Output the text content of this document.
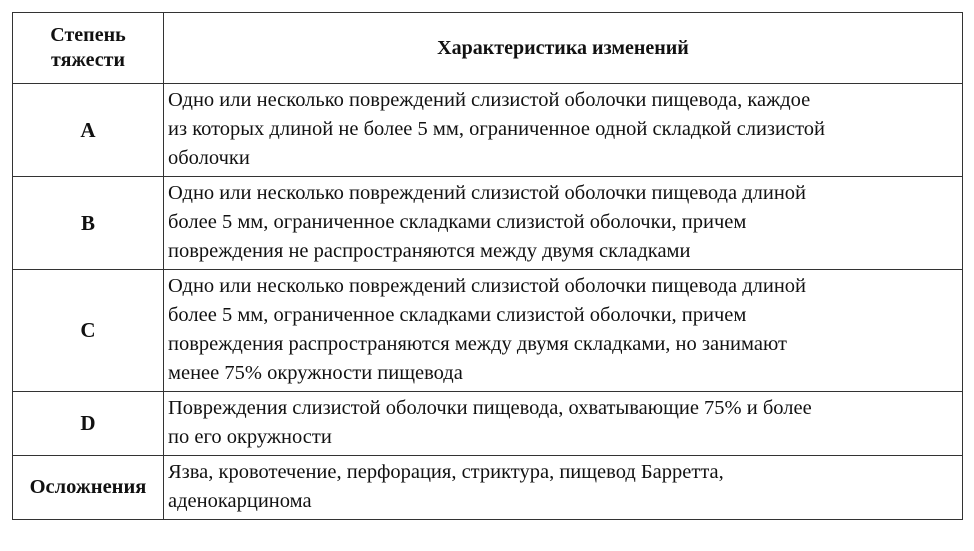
Степень
тяжести	Характеристика изменений
A	Одно или несколько повреждений слизистой оболочки пищевода, каждое
из которых длиной не более 5 мм, ограниченное одной складкой слизистой
оболочки
B	Одно или несколько повреждений слизистой оболочки пищевода длиной
более 5 мм, ограниченное складками слизистой оболочки, причем
повреждения не распространяются между двумя складками
C	Одно или несколько повреждений слизистой оболочки пищевода длиной
более 5 мм, ограниченное складками слизистой оболочки, причем
повреждения распространяются между двумя складками, но занимают
менее 75% окружности пищевода
D	Повреждения слизистой оболочки пищевода, охватывающие 75% и более
по его окружности
Осложнения	Язва, кровотечение, перфорация, стриктура, пищевод Барретта,
аденокарцинома
